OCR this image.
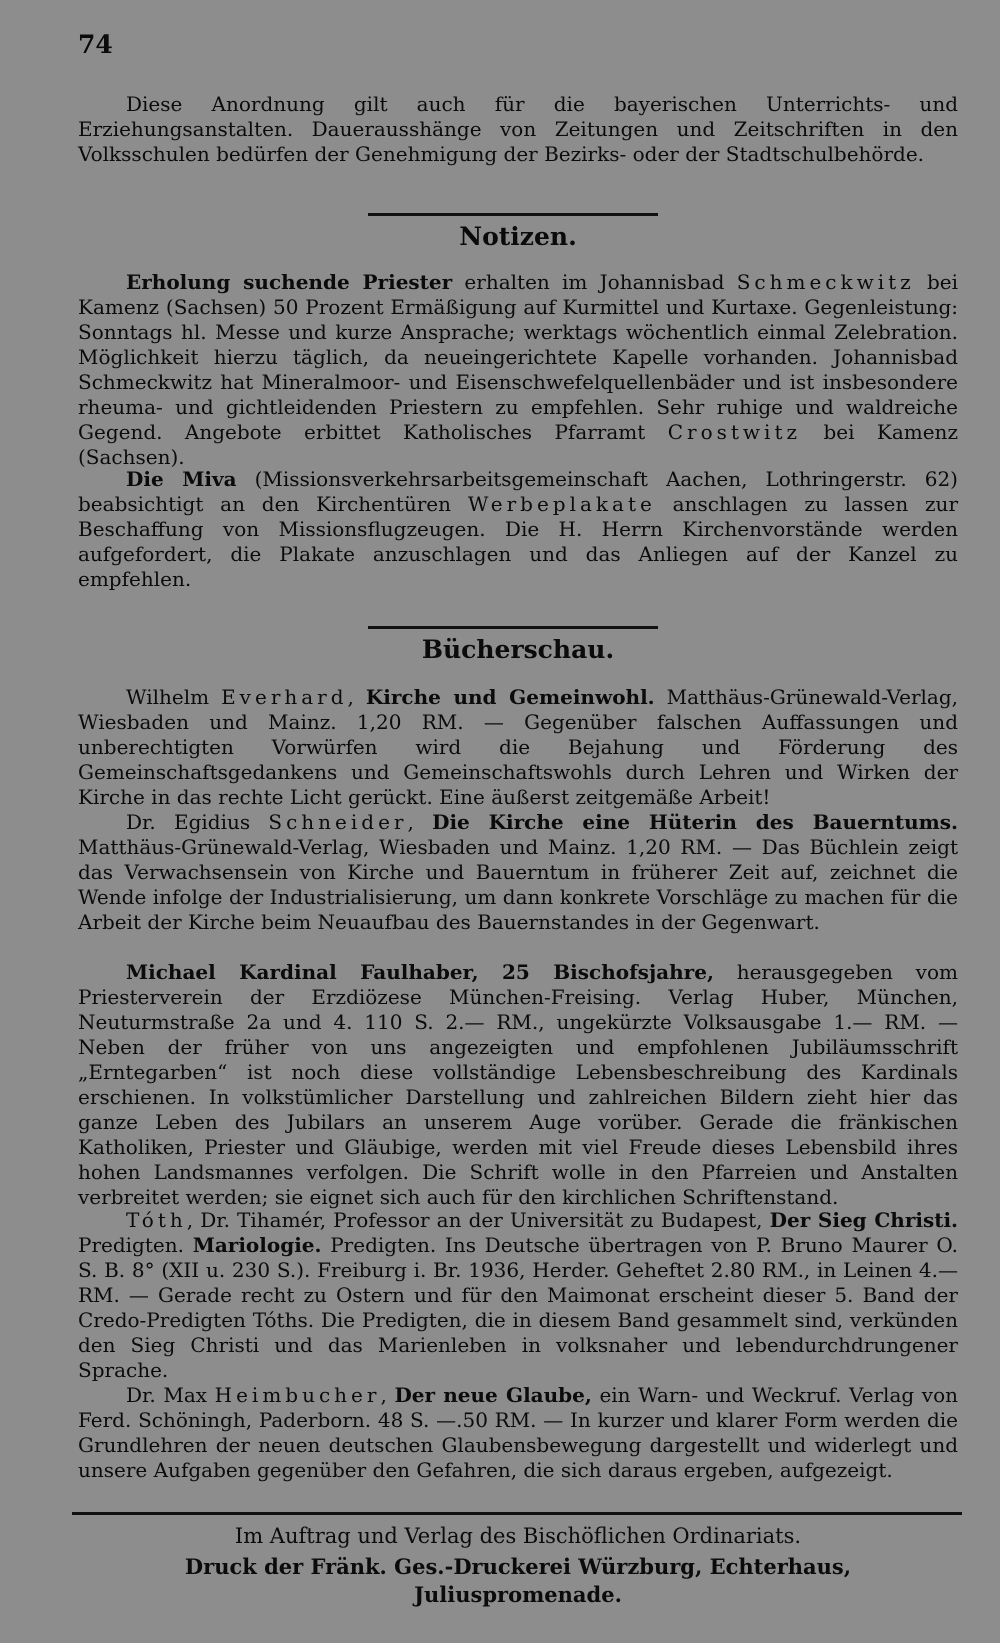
74

Diese Anordnung gilt auch für die bayerischen Unterrichts- und Erziehungsanstalten. Dauerausshänge von Zeitungen und Zeitschriften in den Volksschulen bedürfen der Genehmigung der Bezirks- oder der Stadtschulbehörde.

Notizen.

Erholung suchende Priester erhalten im Johannisbad Schmeckwitz bei Kamenz (Sachsen) 50 Prozent Ermäßigung auf Kurmittel und Kurtaxe. Gegenleistung: Sonntags hl. Messe und kurze Ansprache; werktags wöchentlich einmal Zelebration. Möglichkeit hierzu täglich, da neueingerichtete Kapelle vorhanden. Johannisbad Schmeckwitz hat Mineralmoor- und Eisenschwefelquellenbäder und ist insbesondere rheuma- und gichtleidenden Priestern zu empfehlen. Sehr ruhige und waldreiche Gegend. Angebote erbittet Katholisches Pfarramt Crostwitz bei Kamenz (Sachsen).

Die Miva (Missionsverkehrsarbeitsgemeinschaft Aachen, Lothringerstr. 62) beabsichtigt an den Kirchentüren Werbeplakate anschlagen zu lassen zur Beschaffung von Missionsflugzeugen. Die H. Herrn Kirchenvorstände werden aufgefordert, die Plakate anzuschlagen und das Anliegen auf der Kanzel zu empfehlen.

Bücherschau.

Wilhelm Everhard, Kirche und Gemeinwohl. Matthäus-Grünewald-Verlag, Wiesbaden und Mainz. 1,20 RM. — Gegenüber falschen Auffassungen und unberechtigten Vorwürfen wird die Bejahung und Förderung des Gemeinschaftsgedankens und Gemeinschaftswohls durch Lehren und Wirken der Kirche in das rechte Licht gerückt. Eine äußerst zeitgemäße Arbeit!

Dr. Egidius Schneider, Die Kirche eine Hüterin des Bauerntums. Matthäus-Grünewald-Verlag, Wiesbaden und Mainz. 1,20 RM. — Das Büchlein zeigt das Verwachsensein von Kirche und Bauerntum in früherer Zeit auf, zeichnet die Wende infolge der Industrialisierung, um dann konkrete Vorschläge zu machen für die Arbeit der Kirche beim Neuaufbau des Bauernstandes in der Gegenwart.

Michael Kardinal Faulhaber, 25 Bischofsjahre, herausgegeben vom Priesterverein der Erzdiözese München-Freising. Verlag Huber, München, Neuturmstraße 2a und 4. 110 S. 2.— RM., ungekürzte Volksausgabe 1.— RM. — Neben der früher von uns angezeigten und empfohlenen Jubiläumsschrift „Erntegarben“ ist noch diese vollständige Lebensbeschreibung des Kardinals erschienen. In volkstümlicher Darstellung und zahlreichen Bildern zieht hier das ganze Leben des Jubilars an unserem Auge vorüber. Gerade die fränkischen Katholiken, Priester und Gläubige, werden mit viel Freude dieses Lebensbild ihres hohen Landsmannes verfolgen. Die Schrift wolle in den Pfarreien und Anstalten verbreitet werden; sie eignet sich auch für den kirchlichen Schriftenstand.

Tóth, Dr. Tihamér, Professor an der Universität zu Budapest, Der Sieg Christi. Predigten. Mariologie. Predigten. Ins Deutsche übertragen von P. Bruno Maurer O. S. B. 8° (XII u. 230 S.). Freiburg i. Br. 1936, Herder. Geheftet 2.80 RM., in Leinen 4.— RM. — Gerade recht zu Ostern und für den Maimonat erscheint dieser 5. Band der Credo-Predigten Tóths. Die Predigten, die in diesem Band gesammelt sind, verkünden den Sieg Christi und das Marienleben in volksnaher und lebendurchdrungener Sprache.

Dr. Max Heimbucher, Der neue Glaube, ein Warn- und Weckruf. Verlag von Ferd. Schöningh, Paderborn. 48 S. —.50 RM. — In kurzer und klarer Form werden die Grundlehren der neuen deutschen Glaubensbewegung dargestellt und widerlegt und unsere Aufgaben gegenüber den Gefahren, die sich daraus ergeben, aufgezeigt.

Im Auftrag und Verlag des Bischöflichen Ordinariats.

Druck der Fränk. Ges.-Druckerei Würzburg, Echterhaus, Juliuspromenade.
